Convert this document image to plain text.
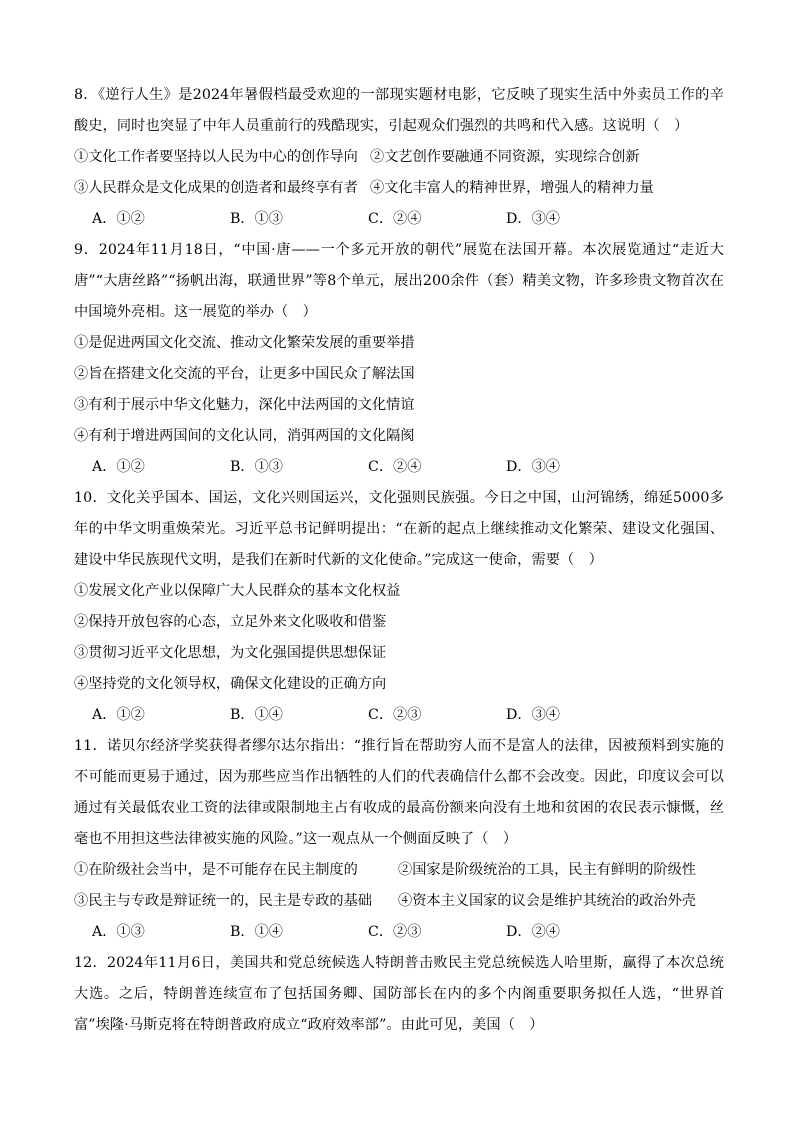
8．《逆行人生》是2024年暑假档最受欢迎的一部现实题材电影，它反映了现实生活中外卖员工作的辛酸史，同时也突显了中年人员重前行的残酷现实，引起观众们强烈的共鸣和代入感。这说明（　）
①文化工作者要坚持以人民为中心的创作导向 ②文艺创作要融通不同资源，实现综合创新
③人民群众是文化成果的创造者和最终享有者 ④文化丰富人的精神世界，增强人的精神力量
A．①②	B．①③	C．②④	D．③④
9．2024年11月18日，“中国·唐——一个多元开放的朝代”展览在法国开幕。本次展览通过“走近大唐”“大唐丝路”“扬帆出海，联通世界”等8个单元，展出200余件（套）精美文物，许多珍贵文物首次在中国境外亮相。这一展览的举办（　）
①是促进两国文化交流、推动文化繁荣发展的重要举措
②旨在搭建文化交流的平台，让更多中国民众了解法国
③有利于展示中华文化魅力，深化中法两国的文化情谊
④有利于增进两国间的文化认同，消弭两国的文化隔阂
A．①②	B．①③	C．②④	D．③④
10．文化关乎国本、国运，文化兴则国运兴，文化强则民族强。今日之中国，山河锦绣，绵延5000多年的中华文明重焕荣光。习近平总书记鲜明提出：“在新的起点上继续推动文化繁荣、建设文化强国、建设中华民族现代文明，是我们在新时代新的文化使命。”完成这一使命，需要（　）
①发展文化产业以保障广大人民群众的基本文化权益
②保持开放包容的心态，立足外来文化吸收和借鉴
③贯彻习近平文化思想，为文化强国提供思想保证
④坚持党的文化领导权，确保文化建设的正确方向
A．①②	B．①④	C．②③	D．③④
11．诺贝尔经济学奖获得者缪尔达尔指出：“推行旨在帮助穷人而不是富人的法律，因被预料到实施的不可能而更易于通过，因为那些应当作出牺牲的人们的代表确信什么都不会改变。因此，印度议会可以通过有关最低农业工资的法律或限制地主占有收成的最高份额来向没有土地和贫困的农民表示慷慨，丝毫也不用担这些法律被实施的风险。”这一观点从一个侧面反映了（　）
①在阶级社会当中，是不可能存在民主制度的	②国家是阶级统治的工具，民主有鲜明的阶级性
③民主与专政是辩证统一的，民主是专政的基础	④资本主义国家的议会是维护其统治的政治外壳
A．①③	B．①④	C．②③	D．②④
12．2024年11月6日，美国共和党总统候选人特朗普击败民主党总统候选人哈里斯，赢得了本次总统大选。之后，特朗普连续宣布了包括国务卿、国防部长在内的多个内阁重要职务拟任人选，“世界首富”埃隆·马斯克将在特朗普政府成立“政府效率部”。由此可见，美国（　）
